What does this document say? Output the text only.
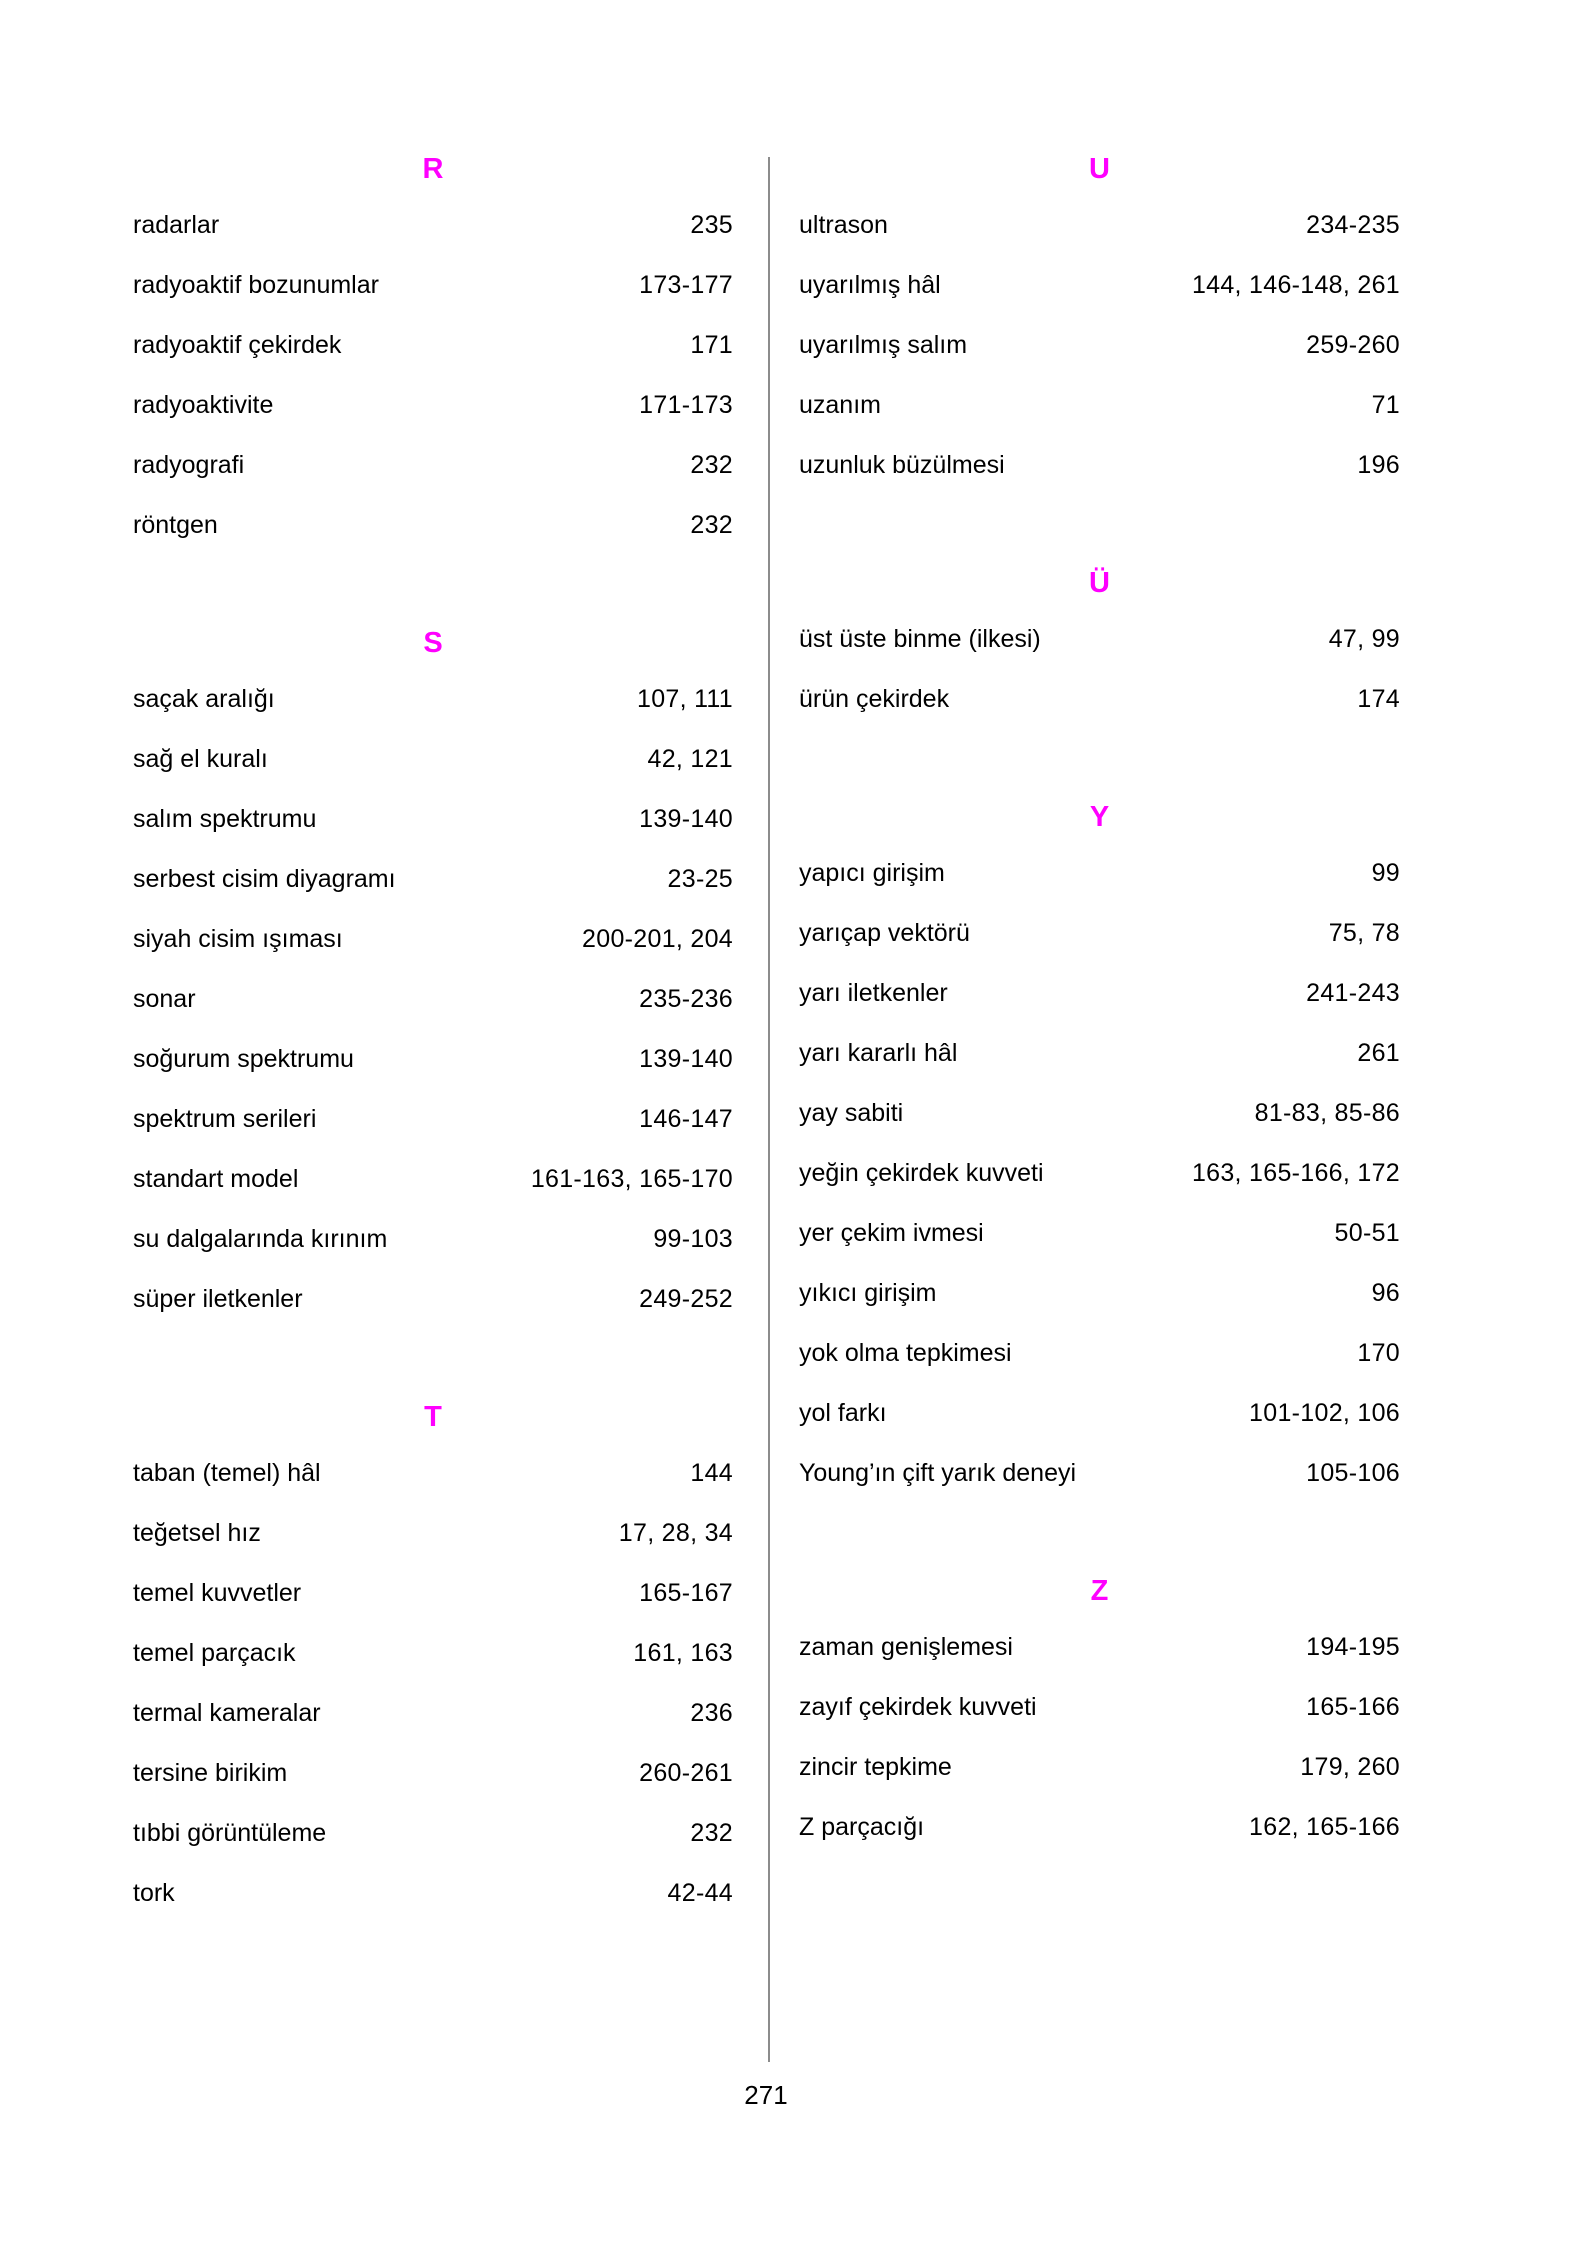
R
radarlar	235
radyoaktif bozunumlar	173-177
radyoaktif çekirdek	171
radyoaktivite	171-173
radyografi	232
röntgen	232
S
saçak aralığı	107, 111
sağ el kuralı	42, 121
salım spektrumu	139-140
serbest cisim diyagramı	23-25
siyah cisim ışıması	200-201, 204
sonar	235-236
soğurum spektrumu	139-140
spektrum serileri	146-147
standart model	161-163, 165-170
su dalgalarında kırınım	99-103
süper iletkenler	249-252
T
taban (temel) hâl	144
teğetsel hız	17, 28, 34
temel kuvvetler	165-167
temel parçacık	161, 163
termal kameralar	236
tersine birikim	260-261
tıbbi görüntüleme	232
tork	42-44
U
ultrason	234-235
uyarılmış hâl	144, 146-148, 261
uyarılmış salım	259-260
uzanım	71
uzunluk büzülmesi	196
Ü
üst üste binme (ilkesi)	47, 99
ürün çekirdek	174
Y
yapıcı girişim	99
yarıçap vektörü	75, 78
yarı iletkenler	241-243
yarı kararlı hâl	261
yay sabiti	81-83, 85-86
yeğin çekirdek kuvveti	163, 165-166, 172
yer çekim ivmesi	50-51
yıkıcı girişim	96
yok olma tepkimesi	170
yol farkı	101-102, 106
Young’ın çift yarık deneyi	105-106
Z
zaman genişlemesi	194-195
zayıf çekirdek kuvveti	165-166
zincir tepkime	179, 260
Z parçacığı	162, 165-166
271
